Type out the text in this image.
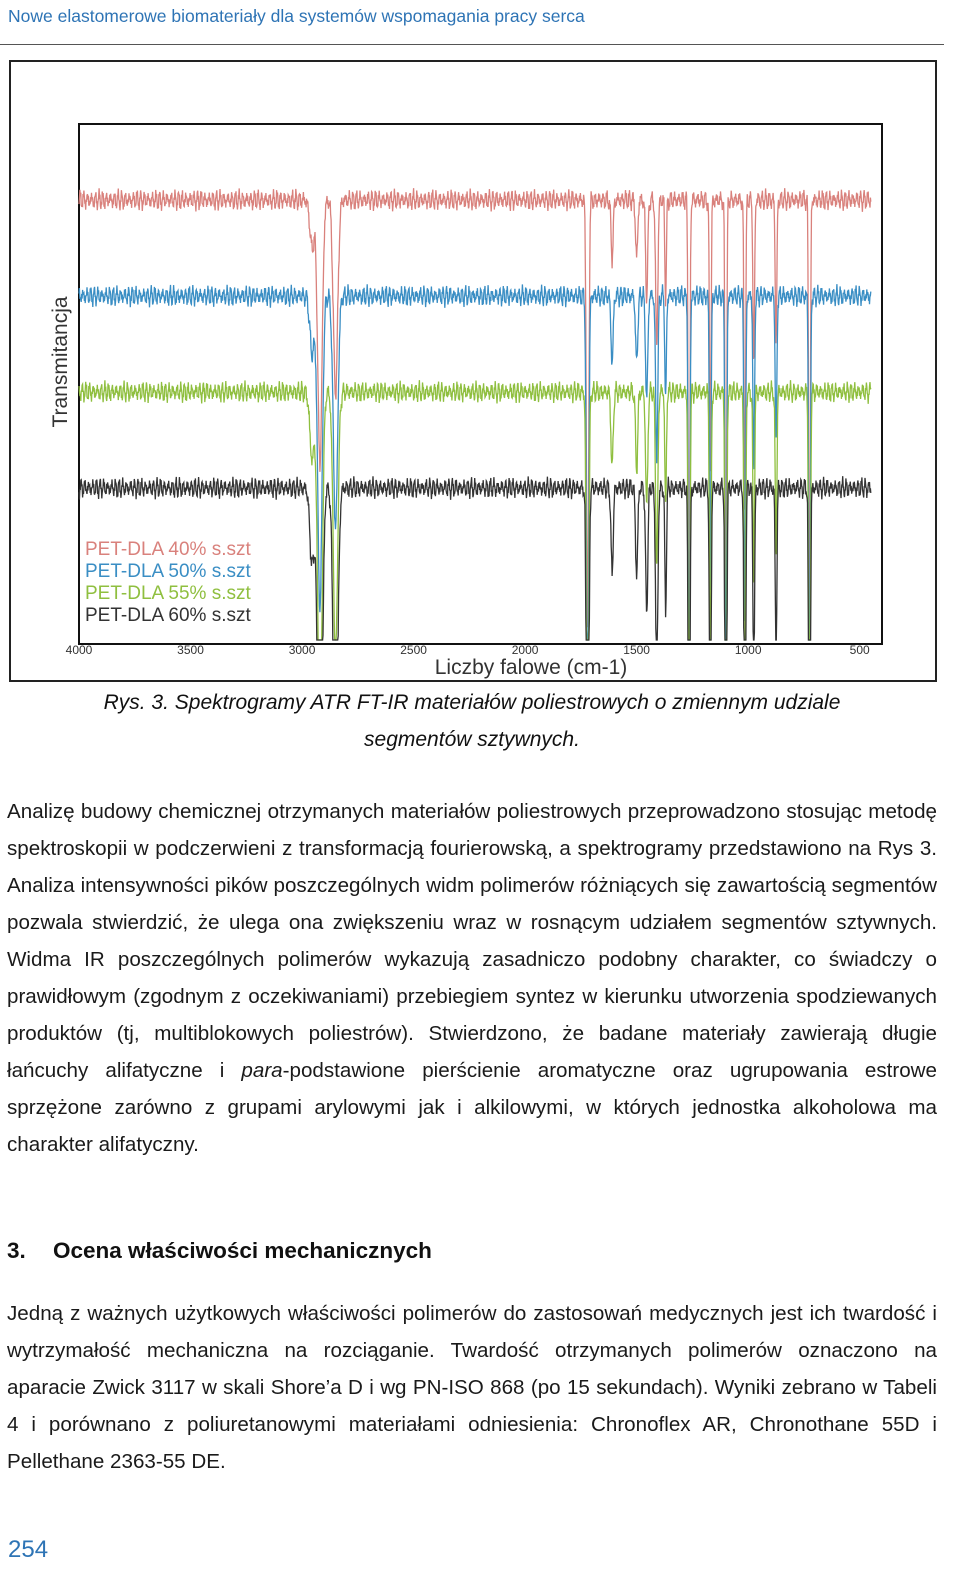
Nowe elastomerowe biomateriały dla systemów wspomagania pracy serca
PET-DLA 40% s.szt
PET-DLA 50% s.szt
PET-DLA 55% s.szt
PET-DLA 60% s.szt
4000	3500	3000	2500	2000	1500	1000	500
Transmitancja
Liczby falowe (cm-1)
Rys. 3. Spektrogramy ATR FT-IR materiałów poliestrowych o zmiennym udziale
segmentów sztywnych.

Analizę budowy chemicznej otrzymanych materiałów poliestrowych przeprowadzono stosując metodę spektroskopii w podczerwieni z transformacją fourierowską, a spektrogramy przedstawiono na Rys 3. Analiza intensywności pików poszczególnych widm polimerów różniących się zawartością segmentów pozwala stwierdzić, że ulega ona zwiększeniu wraz w rosnącym udziałem segmentów sztywnych. Widma IR poszczególnych polimerów wykazują zasadniczo podobny charakter, co świadczy o prawidłowym (zgodnym z oczekiwaniami) przebiegiem syntez w kierunku utworzenia spodziewanych produktów (tj, multiblokowych poliestrów). Stwierdzono, że badane materiały zawierają długie łańcuchy alifatyczne i para-podstawione pierścienie aromatyczne oraz ugrupowania estrowe sprzężone zarówno z grupami arylowymi jak i alkilowymi, w których jednostka alkoholowa ma charakter alifatyczny.

3. Ocena właściwości mechanicznych

Jedną z ważnych użytkowych właściwości polimerów do zastosowań medycznych jest ich twardość i wytrzymałość mechaniczna na rozciąganie. Twardość otrzymanych polimerów oznaczono na aparacie Zwick 3117 w skali Shore’a D i wg PN-ISO 868 (po 15 sekundach). Wyniki zebrano w Tabeli 4 i porównano z poliuretanowymi materiałami odniesienia: Chronoflex AR, Chronothane 55D i Pellethane 2363-55 DE.

254
